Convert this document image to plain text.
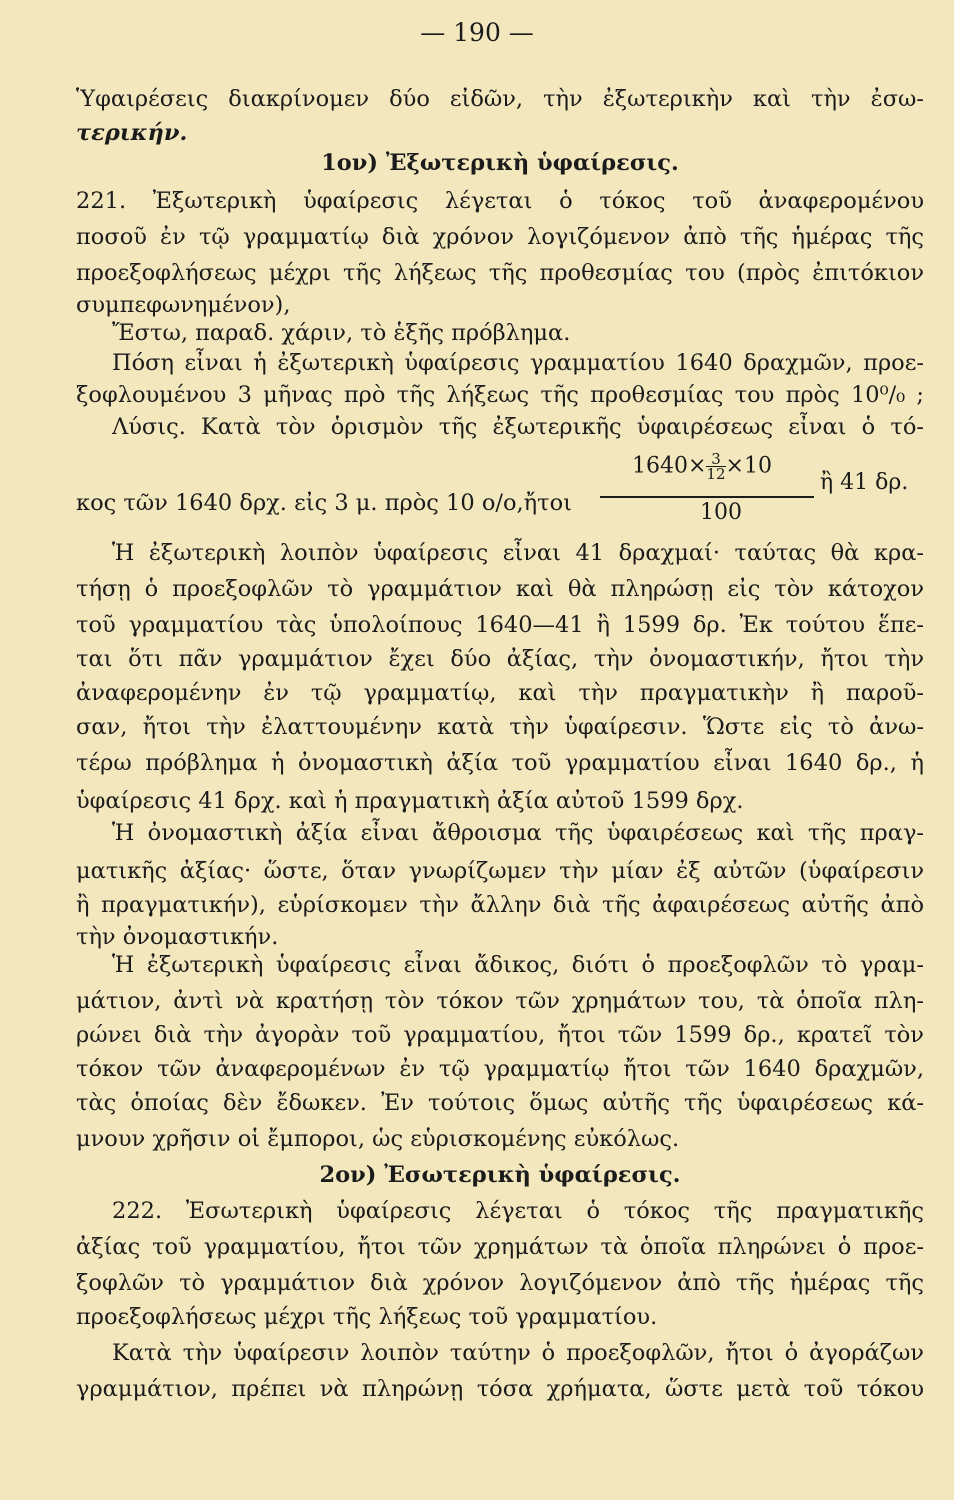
— 190 —
Ὑφαιρέσεις διακρίνομεν δύο εἰδῶν, τὴν ἐξωτερικὴν καὶ τὴν ἐσω-
τερικήν.
1ον) Ἐξωτερικὴ ὑφαίρεσις.
221. Ἐξωτερικὴ ὑφαίρεσις λέγεται ὁ τόκος τοῦ ἀναφερομένου
ποσοῦ ἐν τῷ γραμματίῳ διὰ χρόνον λογιζόμενον ἀπὸ τῆς ἡμέρας τῆς
προεξοφλήσεως μέχρι τῆς λήξεως τῆς προθεσμίας του (πρὸς ἐπιτόκιον
συμπεφωνημένον),
Ἔστω, παραδ. χάριν, τὸ ἑξῆς πρόβλημα.
Πόση εἶναι ἡ ἐξωτερικὴ ὑφαίρεσις γραμματίου 1640 δραχμῶν, προε-
ξοφλουμένου 3 μῆνας πρὸ τῆς λήξεως τῆς προθεσμίας του πρὸς 10⁰/₀ ;
Λύσις. Κατὰ τὸν ὁρισμὸν τῆς ἐξωτερικῆς ὑφαιρέσεως εἶναι ὁ τό-
κος τῶν 1640 δρχ. εἰς 3 μ. πρὸς 10 ο/ο,ἤτοι
$1640\times \frac{3}{12} \times 10$
100
ἢ 41 δρ.
Ἡ ἐξωτερικὴ λοιπὸν ὑφαίρεσις εἶναι 41 δραχμαί· ταύτας θὰ κρα-
τήσῃ ὁ προεξοφλῶν τὸ γραμμάτιον καὶ θὰ πληρώσῃ εἰς τὸν κάτοχον
τοῦ γραμματίου τὰς ὑπολοίπους 1640—41 ἢ 1599 δρ. Ἐκ τούτου ἕπε-
ται ὅτι πᾶν γραμμάτιον ἔχει δύο ἀξίας, τὴν ὀνομαστικήν, ἤτοι τὴν
ἀναφερομένην ἐν τῷ γραμματίῳ, καὶ τὴν πραγματικὴν ἢ παροῦ-
σαν, ἤτοι τὴν ἐλαττουμένην κατὰ τὴν ὑφαίρεσιν. Ὥστε εἰς τὸ ἀνω-
τέρω πρόβλημα ἡ ὀνομαστικὴ ἀξία τοῦ γραμματίου εἶναι 1640 δρ., ἡ
ὑφαίρεσις 41 δρχ. καὶ ἡ πραγματικὴ ἀξία αὐτοῦ 1599 δρχ.
Ἡ ὀνομαστικὴ ἀξία εἶναι ἄθροισμα τῆς ὑφαιρέσεως καὶ τῆς πραγ-
ματικῆς ἀξίας· ὥστε, ὅταν γνωρίζωμεν τὴν μίαν ἐξ αὐτῶν (ὑφαίρεσιν
ἢ πραγματικήν), εὑρίσκομεν τὴν ἄλλην διὰ τῆς ἀφαιρέσεως αὐτῆς ἀπὸ
τὴν ὀνομαστικήν.
Ἡ ἐξωτερικὴ ὑφαίρεσις εἶναι ἄδικος, διότι ὁ προεξοφλῶν τὸ γραμ-
μάτιον, ἀντὶ νὰ κρατήσῃ τὸν τόκον τῶν χρημάτων του, τὰ ὁποῖα πλη-
ρώνει διὰ τὴν ἀγορὰν τοῦ γραμματίου, ἤτοι τῶν 1599 δρ., κρατεῖ τὸν
τόκον τῶν ἀναφερομένων ἐν τῷ γραμματίῳ ἤτοι τῶν 1640 δραχμῶν,
τὰς ὁποίας δὲν ἔδωκεν. Ἐν τούτοις ὅμως αὐτῆς τῆς ὑφαιρέσεως κά-
μνουν χρῆσιν οἱ ἔμποροι, ὡς εὑρισκομένης εὐκόλως.
2ον) Ἐσωτερικὴ ὑφαίρεσις.
222. Ἐσωτερικὴ ὑφαίρεσις λέγεται ὁ τόκος τῆς πραγματικῆς
ἀξίας τοῦ γραμματίου, ἤτοι τῶν χρημάτων τὰ ὁποῖα πληρώνει ὁ προε-
ξοφλῶν τὸ γραμμάτιον διὰ χρόνον λογιζόμενον ἀπὸ τῆς ἡμέρας τῆς
προεξοφλήσεως μέχρι τῆς λήξεως τοῦ γραμματίου.
Κατὰ τὴν ὑφαίρεσιν λοιπὸν ταύτην ὁ προεξοφλῶν, ἤτοι ὁ ἀγοράζων
γραμμάτιον, πρέπει νὰ πληρώνῃ τόσα χρήματα, ὥστε μετὰ τοῦ τόκου
